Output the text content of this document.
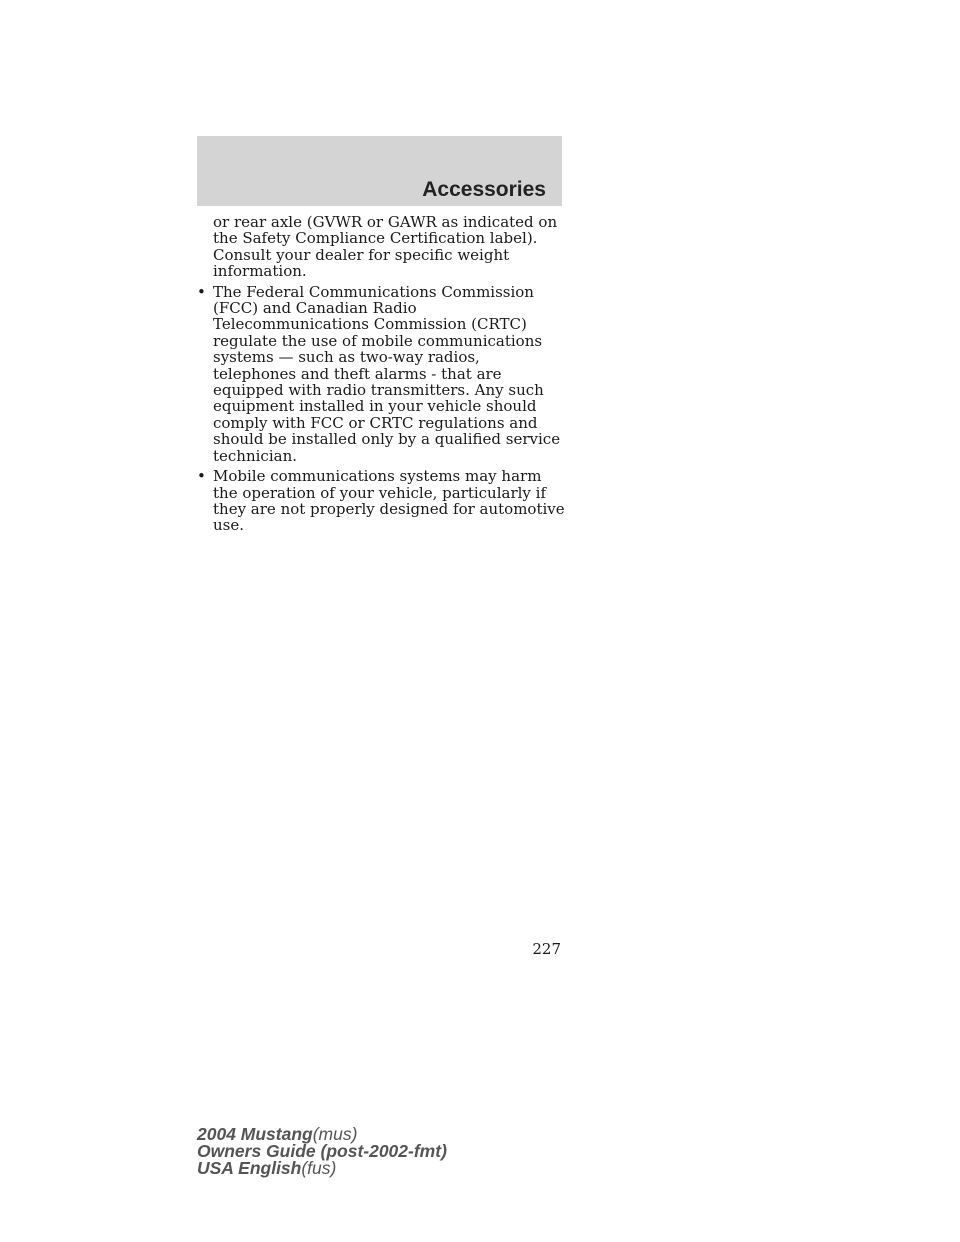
Accessories

or rear axle (GVWR or GAWR as indicated on the Safety Compliance Certification label). Consult your dealer for specific weight information.

• The Federal Communications Commission (FCC) and Canadian Radio Telecommunications Commission (CRTC) regulate the use of mobile communications systems — such as two-way radios, telephones and theft alarms - that are equipped with radio transmitters. Any such equipment installed in your vehicle should comply with FCC or CRTC regulations and should be installed only by a qualified service technician.
• Mobile communications systems may harm the operation of your vehicle, particularly if they are not properly designed for automotive use.
227
2004 Mustang(mus)
Owners Guide (post-2002-fmt)
USA English(fus)
